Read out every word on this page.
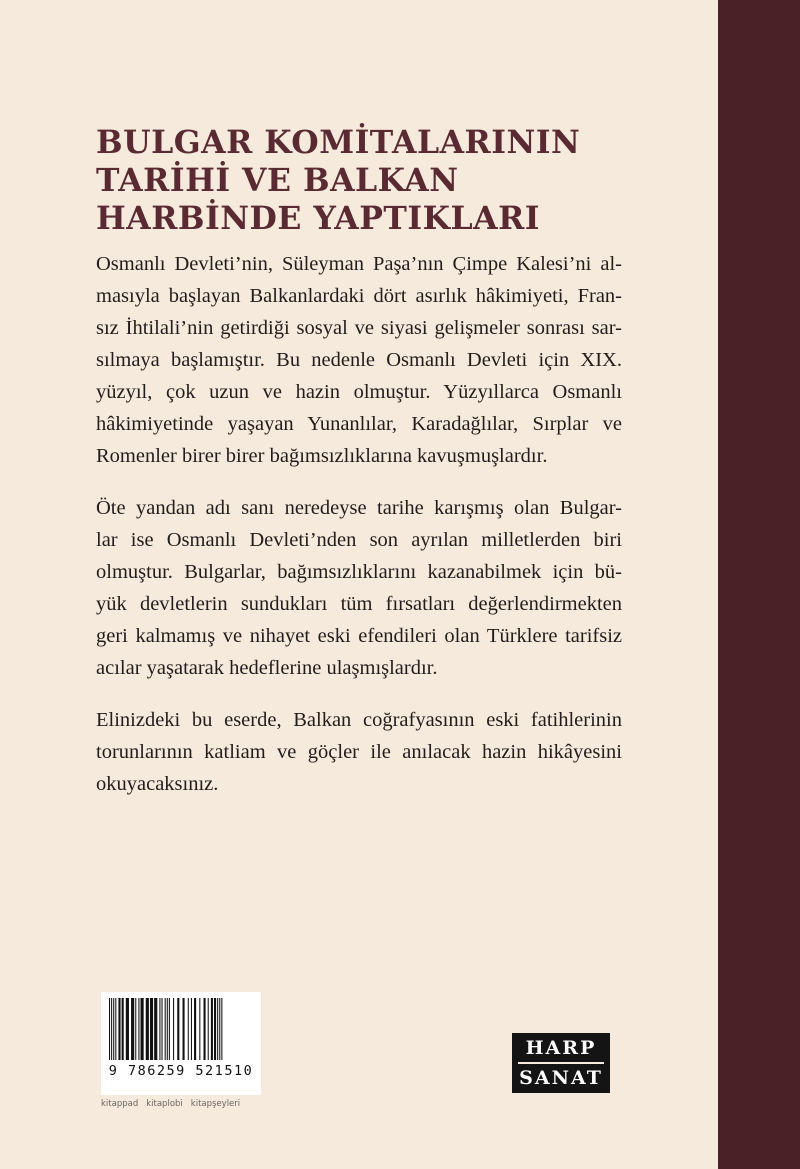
BULGAR KOMİTALARININ
TARİHİ VE BALKAN
HARBİNDE YAPTIKLARI

Osmanlı Devleti’nin, Süleyman Paşa’nın Çimpe Kalesi’ni al-
masıyla başlayan Balkanlardaki dört asırlık hâkimiyeti, Fran-
sız İhtilali’nin getirdiği sosyal ve siyasi gelişmeler sonrası sar-
sılmaya başlamıştır. Bu nedenle Osmanlı Devleti için XIX.
yüzyıl, çok uzun ve hazin olmuştur. Yüzyıllarca Osmanlı
hâkimiyetinde yaşayan Yunanlılar, Karadağlılar, Sırplar ve
Romenler birer birer bağımsızlıklarına kavuşmuşlardır.

Öte yandan adı sanı neredeyse tarihe karışmış olan Bulgar-
lar ise Osmanlı Devleti’nden son ayrılan milletlerden biri
olmuştur. Bulgarlar, bağımsızlıklarını kazanabilmek için bü-
yük devletlerin sundukları tüm fırsatları değerlendirmekten
geri kalmamış ve nihayet eski efendileri olan Türklere tarifsiz
acılar yaşatarak hedeflerine ulaşmışlardır.

Elinizdeki bu eserde, Balkan coğrafyasının eski fatihlerinin
torunlarının katliam ve göçler ile anılacak hazin hikâyesini
okuyacaksınız.

9 786259 521510
kitappad kitaplobi kitapşeyleri
HARP
SANAT
